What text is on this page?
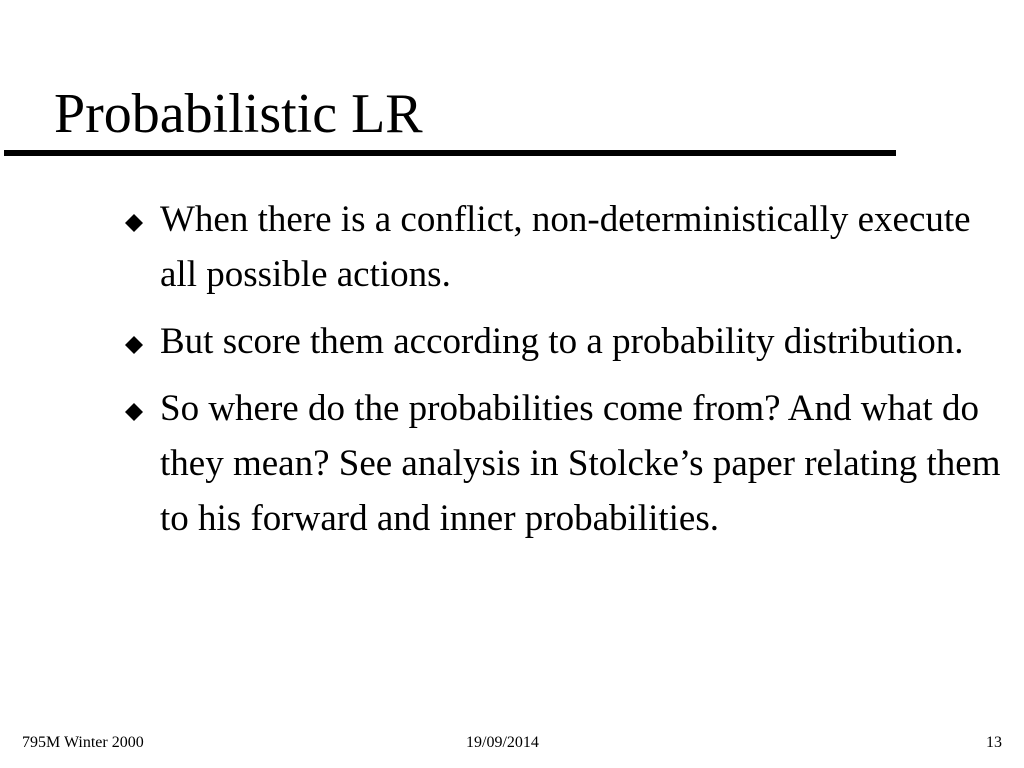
Probabilistic LR
When there is a conflict, non-deterministically execute all possible actions.
But score them according to a probability distribution.
So where do the probabilities come from? And what do they mean? See analysis in Stolcke’s paper relating them to his forward and inner probabilities.
795M Winter 2000	19/09/2014	13
